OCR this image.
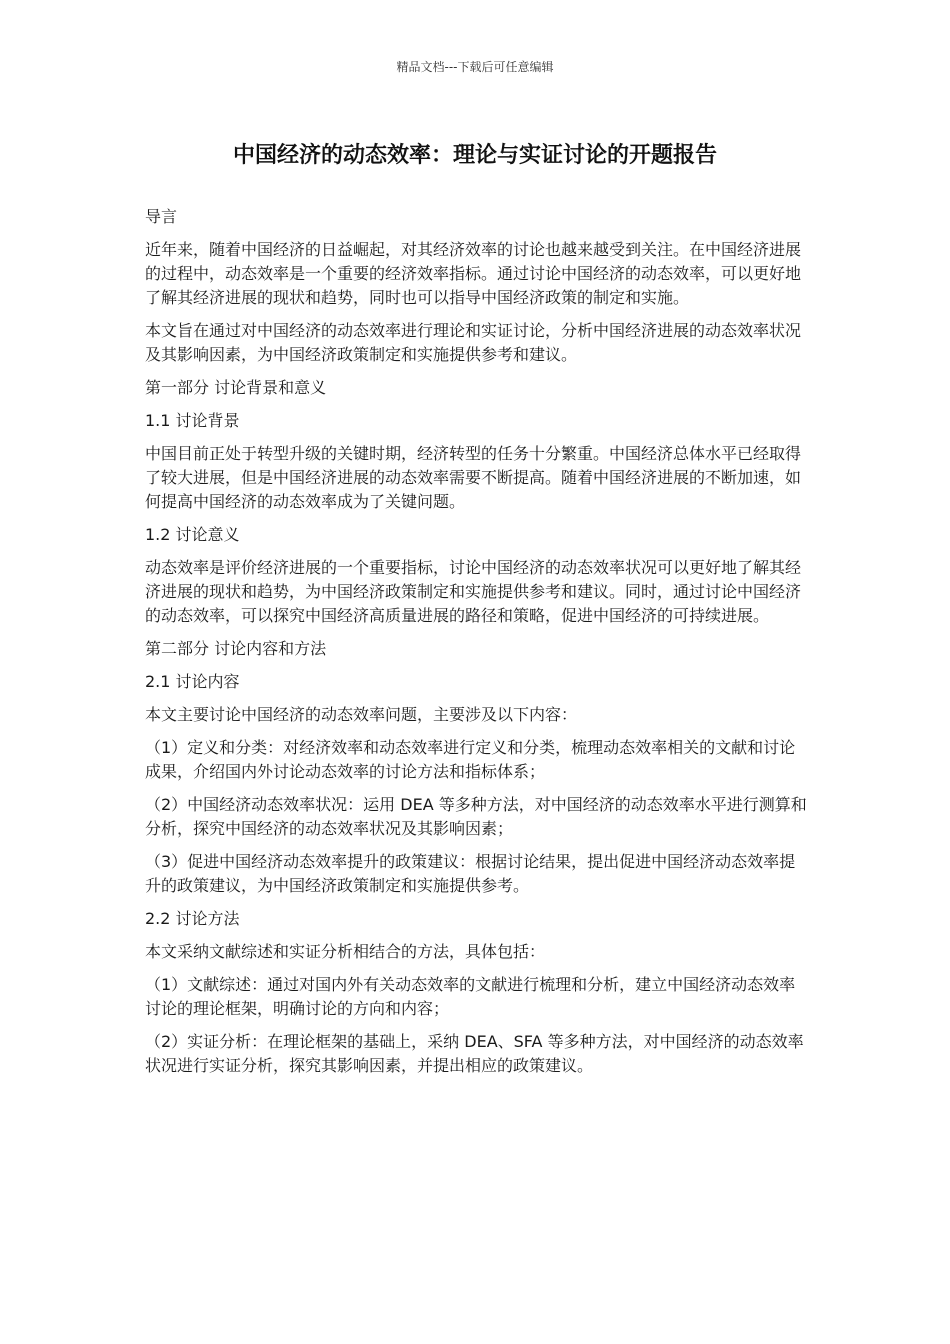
精品文档---下载后可任意编辑
中国经济的动态效率：理论与实证讨论的开题报告

导言

近年来，随着中国经济的日益崛起，对其经济效率的讨论也越来越受到关注。在中国经济进展的过程中，动态效率是一个重要的经济效率指标。通过讨论中国经济的动态效率，可以更好地了解其经济进展的现状和趋势，同时也可以指导中国经济政策的制定和实施。

本文旨在通过对中国经济的动态效率进行理论和实证讨论，分析中国经济进展的动态效率状况及其影响因素，为中国经济政策制定和实施提供参考和建议。

第一部分 讨论背景和意义

1.1 讨论背景

中国目前正处于转型升级的关键时期，经济转型的任务十分繁重。中国经济总体水平已经取得了较大进展，但是中国经济进展的动态效率需要不断提高。随着中国经济进展的不断加速，如何提高中国经济的动态效率成为了关键问题。

1.2 讨论意义

动态效率是评价经济进展的一个重要指标，讨论中国经济的动态效率状况可以更好地了解其经济进展的现状和趋势，为中国经济政策制定和实施提供参考和建议。同时，通过讨论中国经济的动态效率，可以探究中国经济高质量进展的路径和策略，促进中国经济的可持续进展。

第二部分 讨论内容和方法

2.1 讨论内容

本文主要讨论中国经济的动态效率问题，主要涉及以下内容：

（1）定义和分类：对经济效率和动态效率进行定义和分类，梳理动态效率相关的文献和讨论成果，介绍国内外讨论动态效率的讨论方法和指标体系；

（2）中国经济动态效率状况：运用 DEA 等多种方法，对中国经济的动态效率水平进行测算和分析，探究中国经济的动态效率状况及其影响因素；

（3）促进中国经济动态效率提升的政策建议：根据讨论结果，提出促进中国经济动态效率提升的政策建议，为中国经济政策制定和实施提供参考。

2.2 讨论方法

本文采纳文献综述和实证分析相结合的方法，具体包括：

（1）文献综述：通过对国内外有关动态效率的文献进行梳理和分析，建立中国经济动态效率讨论的理论框架，明确讨论的方向和内容；

（2）实证分析：在理论框架的基础上，采纳 DEA、SFA 等多种方法，对中国经济的动态效率状况进行实证分析，探究其影响因素，并提出相应的政策建议。
